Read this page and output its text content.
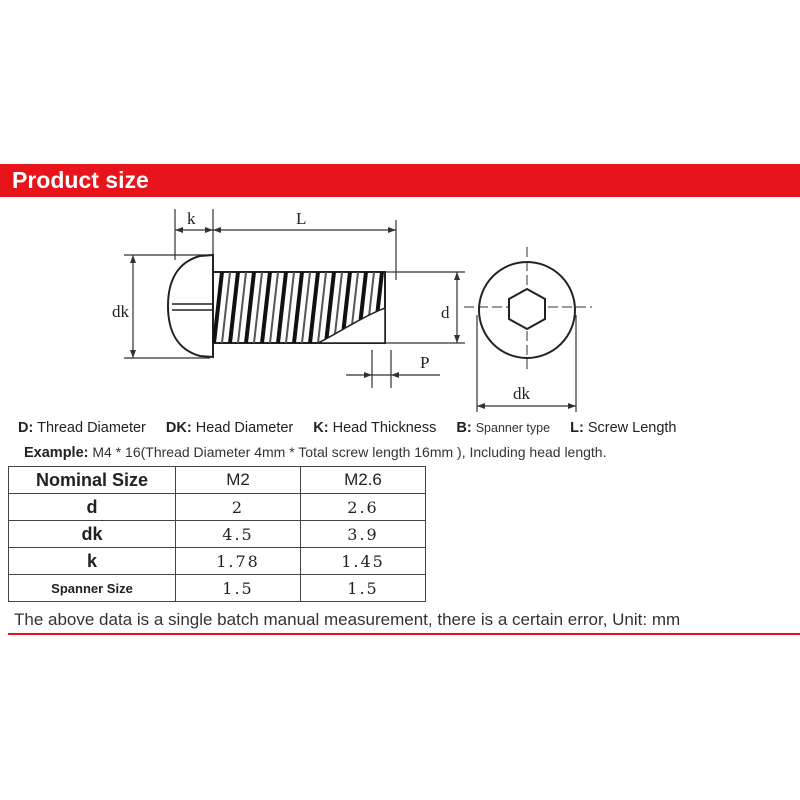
Product size
k	L
dk	d
P
dk
D: Thread Diameter DK: Head Diameter K: Head Thickness B: Spanner type L: Screw Length
Example: M4 * 16(Thread Diameter 4mm * Total screw length 16mm ), Including head length.
Nominal Size	M2	M2.6
d	2	2.6
dk	4.5	3.9
k	1.78	1.45
Spanner Size	1.5	1.5
The above data is a single batch manual measurement, there is a certain error, Unit: mm
